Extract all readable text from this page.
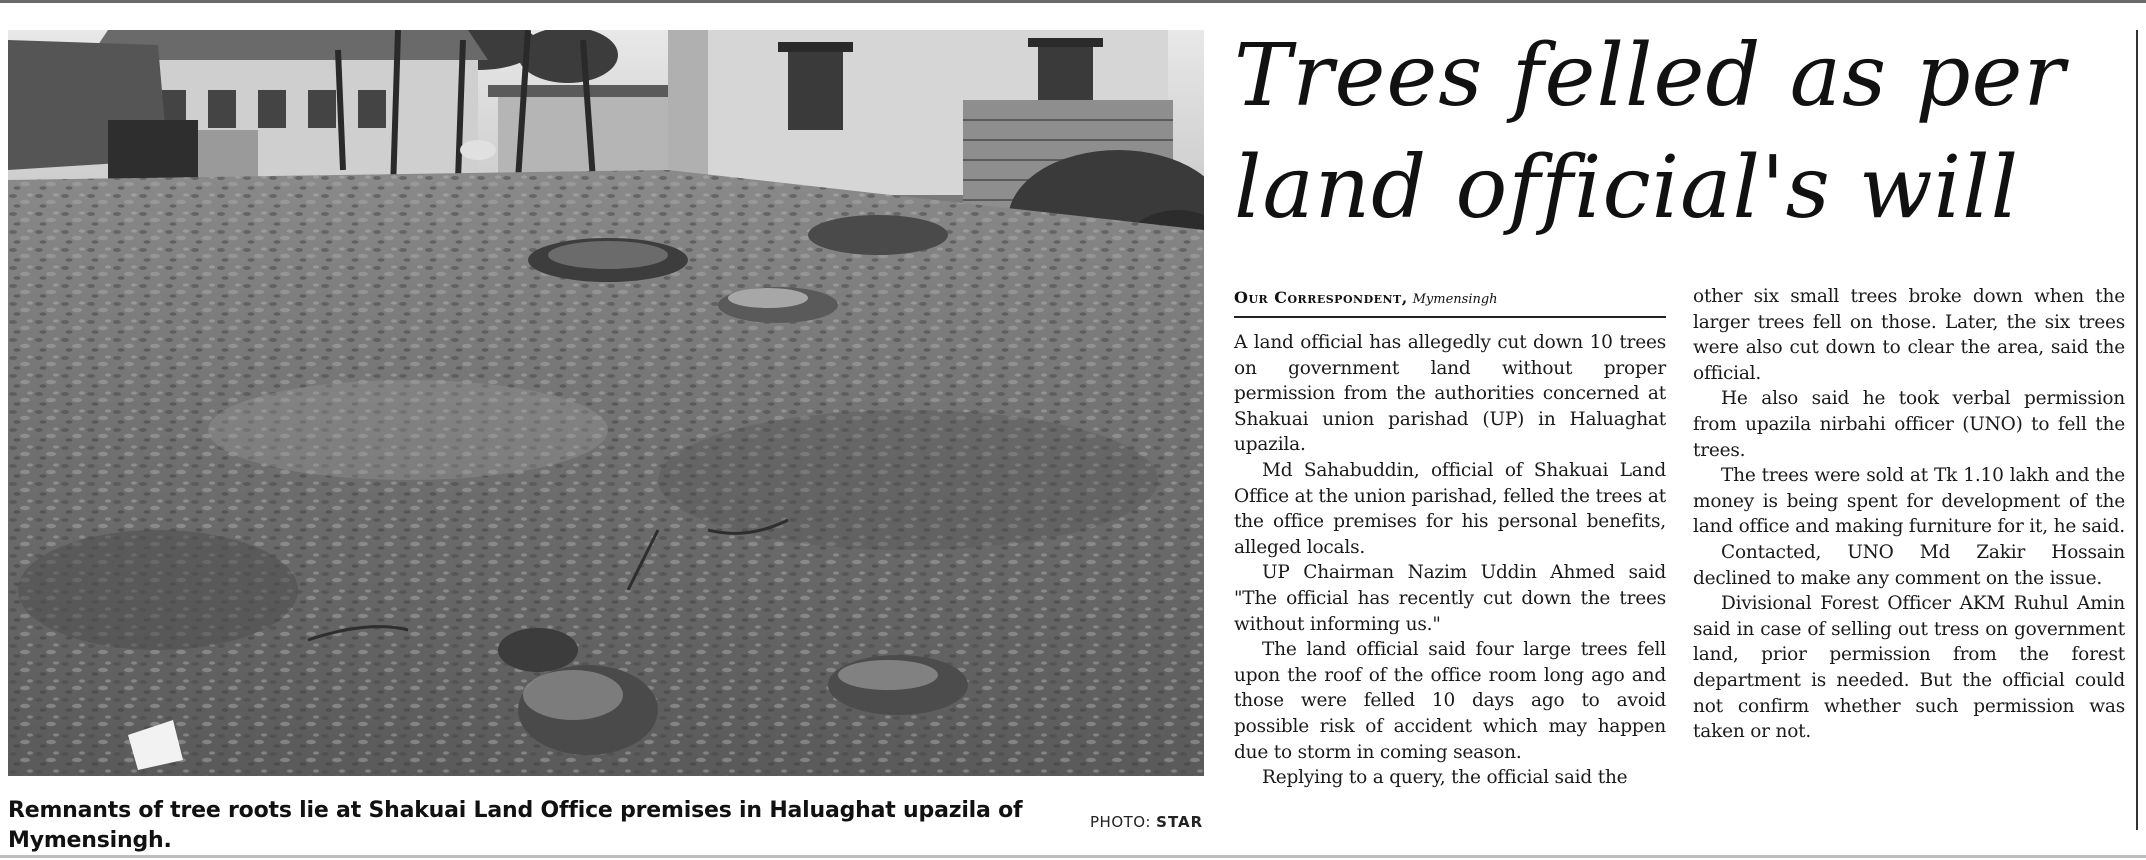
Remnants of tree roots lie at Shakuai Land Office premises in Haluaghat upazila of Mymensingh.
PHOTO: STAR
Trees felled as per
land official's will
Our Correspondent, Mymensingh

A land official has allegedly cut down 10 trees on government land without proper permission from the authorities concerned at Shakuai union parishad (UP) in Haluaghat upazila.

Md Sahabuddin, official of Shakuai Land Office at the union parishad, felled the trees at the office premises for his personal benefits, alleged locals.

UP Chairman Nazim Uddin Ahmed said "The official has recently cut down the trees without informing us."

The land official said four large trees fell upon the roof of the office room long ago and those were felled 10 days ago to avoid possible risk of accident which may happen due to storm in coming season.

Replying to a query, the official said the

other six small trees broke down when the larger trees fell on those. Later, the six trees were also cut down to clear the area, said the official.

He also said he took verbal permission from upazila nirbahi officer (UNO) to fell the trees.

The trees were sold at Tk 1.10 lakh and the money is being spent for development of the land office and making furniture for it, he said.

Contacted, UNO Md Zakir Hossain declined to make any comment on the issue.

Divisional Forest Officer AKM Ruhul Amin said in case of selling out tress on government land, prior permission from the forest department is needed. But the official could not confirm whether such permission was taken or not.
